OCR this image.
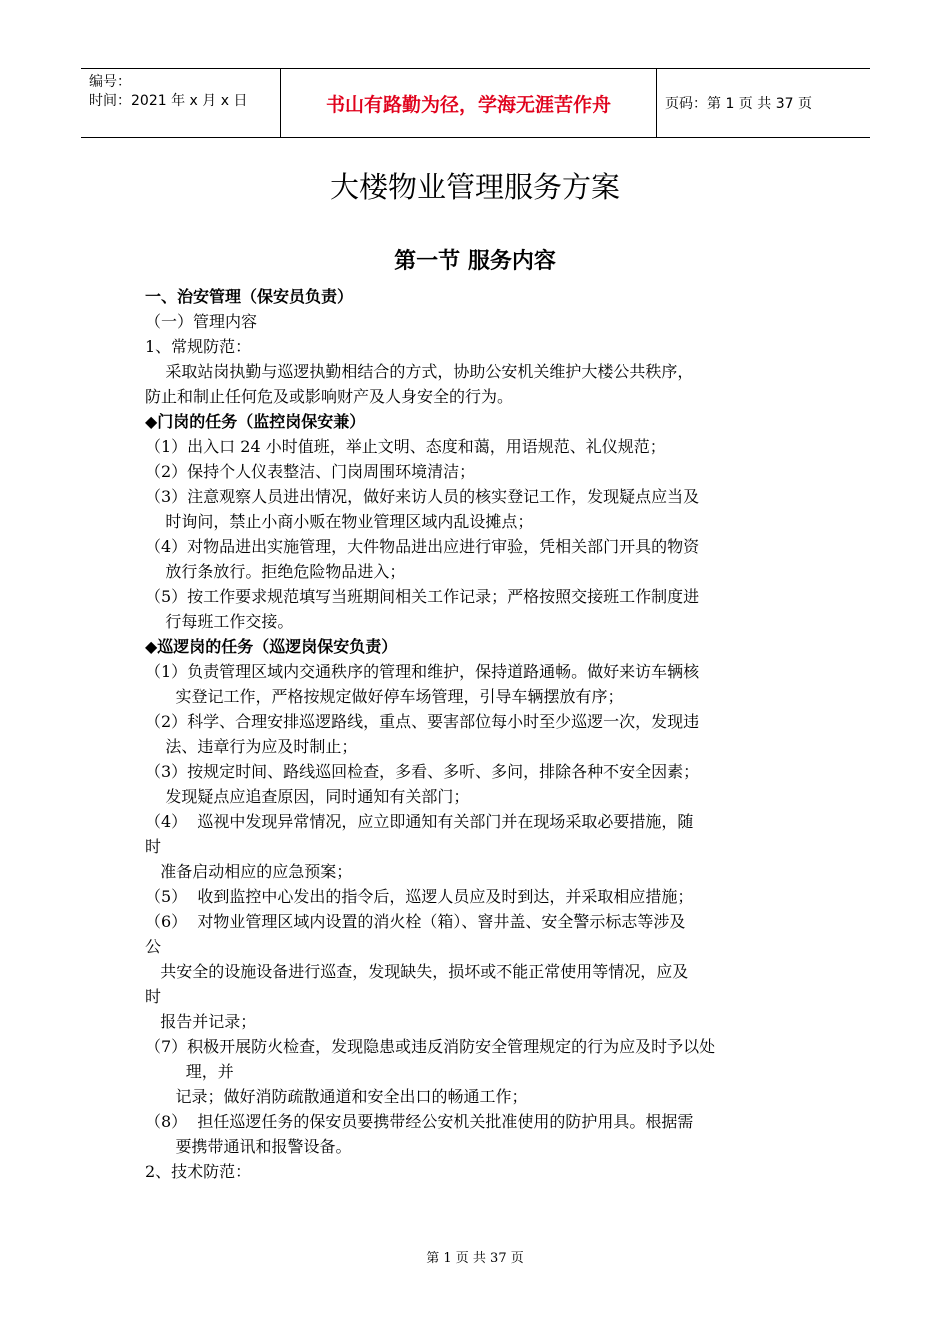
编号：
时间：2021 年 x 月 x 日	书山有路勤为径，学海无涯苦作舟	页码：第 1 页 共 37 页
大楼物业管理服务方案
第一节 服务内容
一、治安管理（保安员负责）
（一）管理内容
1、常规防范：
采取站岗执勤与巡逻执勤相结合的方式，协助公安机关维护大楼公共秩序，
防止和制止任何危及或影响财产及人身安全的行为。
◆门岗的任务（监控岗保安兼）
（1）出入口 24 小时值班，举止文明、态度和蔼，用语规范、礼仪规范；
（2）保持个人仪表整洁、门岗周围环境清洁；
（3）注意观察人员进出情况，做好来访人员的核实登记工作，发现疑点应当及
时询问，禁止小商小贩在物业管理区域内乱设摊点；
（4）对物品进出实施管理，大件物品进出应进行审验，凭相关部门开具的物资
放行条放行。拒绝危险物品进入；
（5）按工作要求规范填写当班期间相关工作记录；严格按照交接班工作制度进
行每班工作交接。
◆巡逻岗的任务（巡逻岗保安负责）
（1）负责管理区域内交通秩序的管理和维护，保持道路通畅。做好来访车辆核
实登记工作，严格按规定做好停车场管理，引导车辆摆放有序；
（2）科学、合理安排巡逻路线，重点、要害部位每小时至少巡逻一次，发现违
法、违章行为应及时制止；
（3）按规定时间、路线巡回检查，多看、多听、多问，排除各种不安全因素；
发现疑点应追查原因，同时通知有关部门；
（4）  巡视中发现异常情况，应立即通知有关部门并在现场采取必要措施，随
时
准备启动相应的应急预案；
（5）  收到监控中心发出的指令后，巡逻人员应及时到达，并采取相应措施；
（6）  对物业管理区域内设置的消火栓（箱）、窨井盖、安全警示标志等涉及
公
共安全的设施设备进行巡查，发现缺失，损坏或不能正常使用等情况，应及
时
报告并记录；
（7）积极开展防火检查，发现隐患或违反消防安全管理规定的行为应及时予以处
理，并
记录；做好消防疏散通道和安全出口的畅通工作；
（8）  担任巡逻任务的保安员要携带经公安机关批准使用的防护用具。根据需
要携带通讯和报警设备。
2、技术防范：
第 1 页 共 37 页
